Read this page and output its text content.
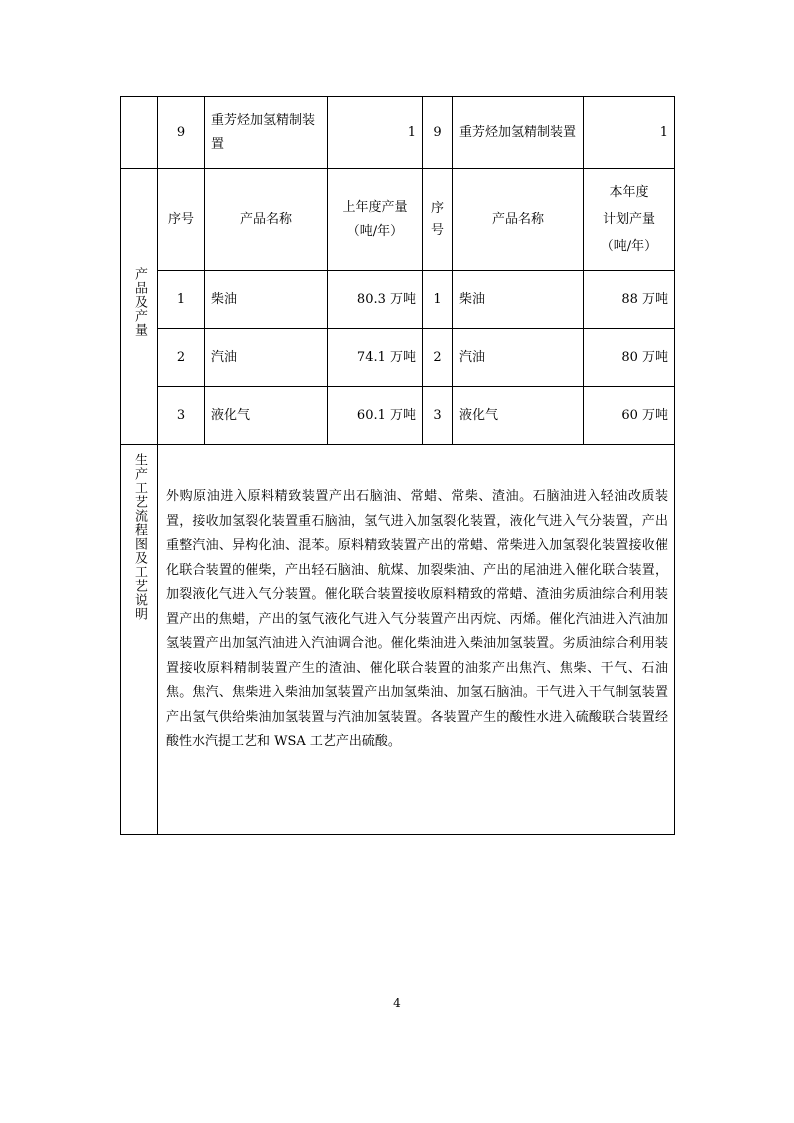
	9	重芳烃加氢精制装置	1	9	重芳烃加氢精制装置	1
产品及产量	序号	产品名称	上年度产量（吨/年）	序号	产品名称	本年度
计划产量
（吨/年）

	1	柴油	80.3 万吨	1	柴油	88 万吨
	2	汽油	74.1 万吨	2	汽油	80 万吨
	3	液化气	60.1 万吨	3	液化气	60 万吨
生产工艺流程图及工艺说明	外购原油进入原料精致装置产出石脑油、常蜡、常柴、渣油。石脑油进入轻油改质装置，接收加氢裂化装置重石脑油，氢气进入加氢裂化装置，液化气进入气分装置，产出重整汽油、异构化油、混苯。原料精致装置产出的常蜡、常柴进入加氢裂化装置接收催化联合装置的催柴，产出轻石脑油、航煤、加裂柴油、产出的尾油进入催化联合装置，加裂液化气进入气分装置。催化联合装置接收原料精致的常蜡、渣油劣质油综合利用装置产出的焦蜡，产出的氢气液化气进入气分装置产出丙烷、丙烯。催化汽油进入汽油加氢装置产出加氢汽油进入汽油调合池。催化柴油进入柴油加氢装置。劣质油综合利用装置接收原料精制装置产生的渣油、催化联合装置的油浆产出焦汽、焦柴、干气、石油焦。焦汽、焦柴进入柴油加氢装置产出加氢柴油、加氢石脑油。干气进入干气制氢装置产出氢气供给柴油加氢装置与汽油加氢装置。各装置产生的酸性水进入硫酸联合装置经酸性水汽提工艺和 WSA 工艺产出硫酸。					
4
